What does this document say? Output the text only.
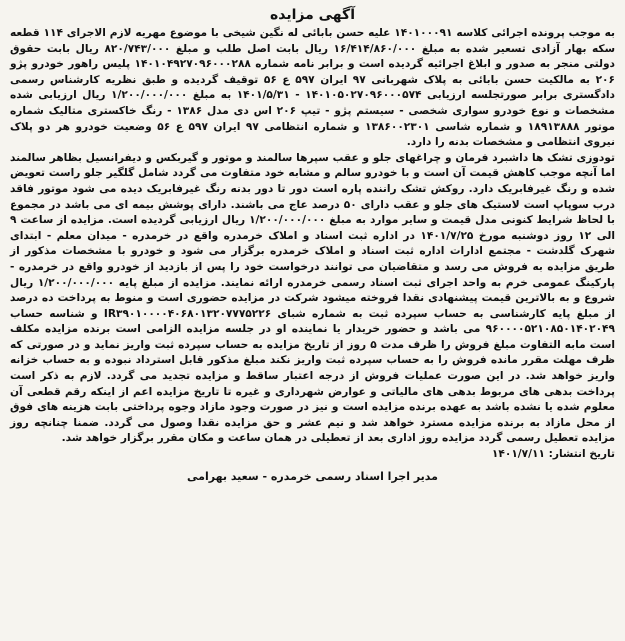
آگهی مزایده
به موجب پرونده اجرائی کلاسه ۱۴۰۱۰۰۰۹۱ علیه حسن بابائی له نگین شیخی با موضوع مهریه لازم الاجرای ۱۱۴ قطعه سکه بهار آزادی تسعیر شده به مبلغ ۱۶/۴۱۴/۸۶۰/۰۰۰ ریال بابت اصل طلب و مبلغ ۸۲۰/۷۴۳/۰۰۰ ریال بابت حقوق دولتی منجر به صدور و ابلاغ اجرائیه گردیده است و برابر نامه شماره ۱۴۰۱۰۴۹۲۷۰۹۶۰۰۰۲۸۸ پلیس راهور خودرو پژو ۲۰۶ به مالکیت حسن بابائی به پلاک شهربانی ۹۷ ایران ۵۹۷ ع ۵۶ توقیف گردیده و طبق نظریه کارشناس رسمی دادگستری برابر صورتجلسه ارزیابی ۱۴۰۱۰۵۰۲۷۰۹۶۰۰۰۵۷۴ - ۱۴۰۱/۵/۳۱ به مبلغ ۱/۲۰۰/۰۰۰/۰۰۰ ریال ارزیابی شده مشخصات و نوع خودرو سواری شخصی - سیستم پژو - تیپ ۲۰۶ اس دی مدل ۱۳۸۶ - رنگ خاکستری متالیک شماره موتور ۱۸۹۱۳۸۸۸ و شماره شاسی ۱۳۸۶۰۰۲۳۰۱ و شماره انتظامی ۹۷ ایران ۵۹۷ ع ۵۶ وضعیت خودرو هر دو پلاک نیروی انتظامی و مشخصات بدنه را دارد.
تودوزی تشک ها داشبرد فرمان و چراغهای جلو و عقب سپرها سالمند و موتور و گیربکس و دیفرانسیل بظاهر سالمند اما آنچه موجب کاهش قیمت آن است و با خودرو سالم و مشابه خود متفاوت می گردد شامل گلگیر جلو راست تعویض شده و رنگ غیرفابریک دارد. روکش تشک راننده پاره است دور تا دور بدنه رنگ غیرفابریک دیده می شود موتور فاقد درب سوپاپ است لاستیک های جلو و عقب دارای ۵۰ درصد عاج می باشند. دارای پوشش بیمه ای می باشد در مجموع با لحاظ شرایط کنونی مدل قیمت و سایر موارد به مبلغ ۱/۲۰۰/۰۰۰/۰۰۰ ریال ارزیابی گردیده است. مزایده از ساعت ۹ الی ۱۲ روز دوشنبه مورخ ۱۴۰۱/۷/۲۵ در اداره ثبت اسناد و املاک خرمدره واقع در خرمدره - میدان معلم - ابتدای شهرک گلدشت - مجتمع ادارات اداره ثبت اسناد و املاک خرمدره برگزار می شود و خودرو با مشخصات مذکور از طریق مزایده به فروش می رسد و متقاضیان می توانند درخواست خود را پس از بازدید از خودرو واقع در خرمدره - پارکینگ عمومی خرم به واحد اجرای ثبت اسناد رسمی خرمدره ارائه نمایند. مزایده از مبلغ پایه ۱/۲۰۰/۰۰۰/۰۰۰ ریال شروع و به بالاترین قیمت پیشنهادی نقدا فروخته میشود شرکت در مزایده حضوری است و منوط به پرداخت ده درصد از مبلغ پایه کارشناسی به حساب سپرده ثبت به شماره شبای IR۳۹۰۱۰۰۰۰۴۰۶۸۰۱۳۲۰۷۷۷۵۲۲۶ و شناسه حساب ۹۶۰۰۰۰۵۲۱۰۸۵۰۱۴۰۲۰۴۹ می باشد و حضور خریدار یا نماینده او در جلسه مزایده الزامی است برنده مزایده مکلف است مابه التفاوت مبلغ فروش را ظرف مدت ۵ روز از تاریخ مزایده به حساب سپرده ثبت واریز نماید و در صورتی که ظرف مهلت مقرر مانده فروش را به حساب سپرده ثبت واریز نکند مبلغ مذکور قابل استرداد نبوده و به حساب خزانه واریز خواهد شد. در این صورت عملیات فروش از درجه اعتبار ساقط و مزایده تجدید می گردد. لازم به ذکر است پرداخت بدهی های مربوط بدهی های مالیاتی و عوارض شهرداری و غیره تا تاریخ مزایده اعم از اینکه رقم قطعی آن معلوم شده یا نشده باشد به عهده برنده مزایده است و نیز در صورت وجود مازاد وجوه پرداختی بابت هزینه های فوق از محل مازاد به برنده مزایده مسترد خواهد شد و نیم عشر و حق مزایده نقدا وصول می گردد. ضمنا چنانچه روز مزایده تعطیل رسمی گردد مزایده روز اداری بعد از تعطیلی در همان ساعت و مکان مقرر برگزار خواهد شد.
تاریخ انتشار: ۱۴۰۱/۷/۱۱
مدیر اجرا اسناد رسمی خرمدره - سعید بهرامی
